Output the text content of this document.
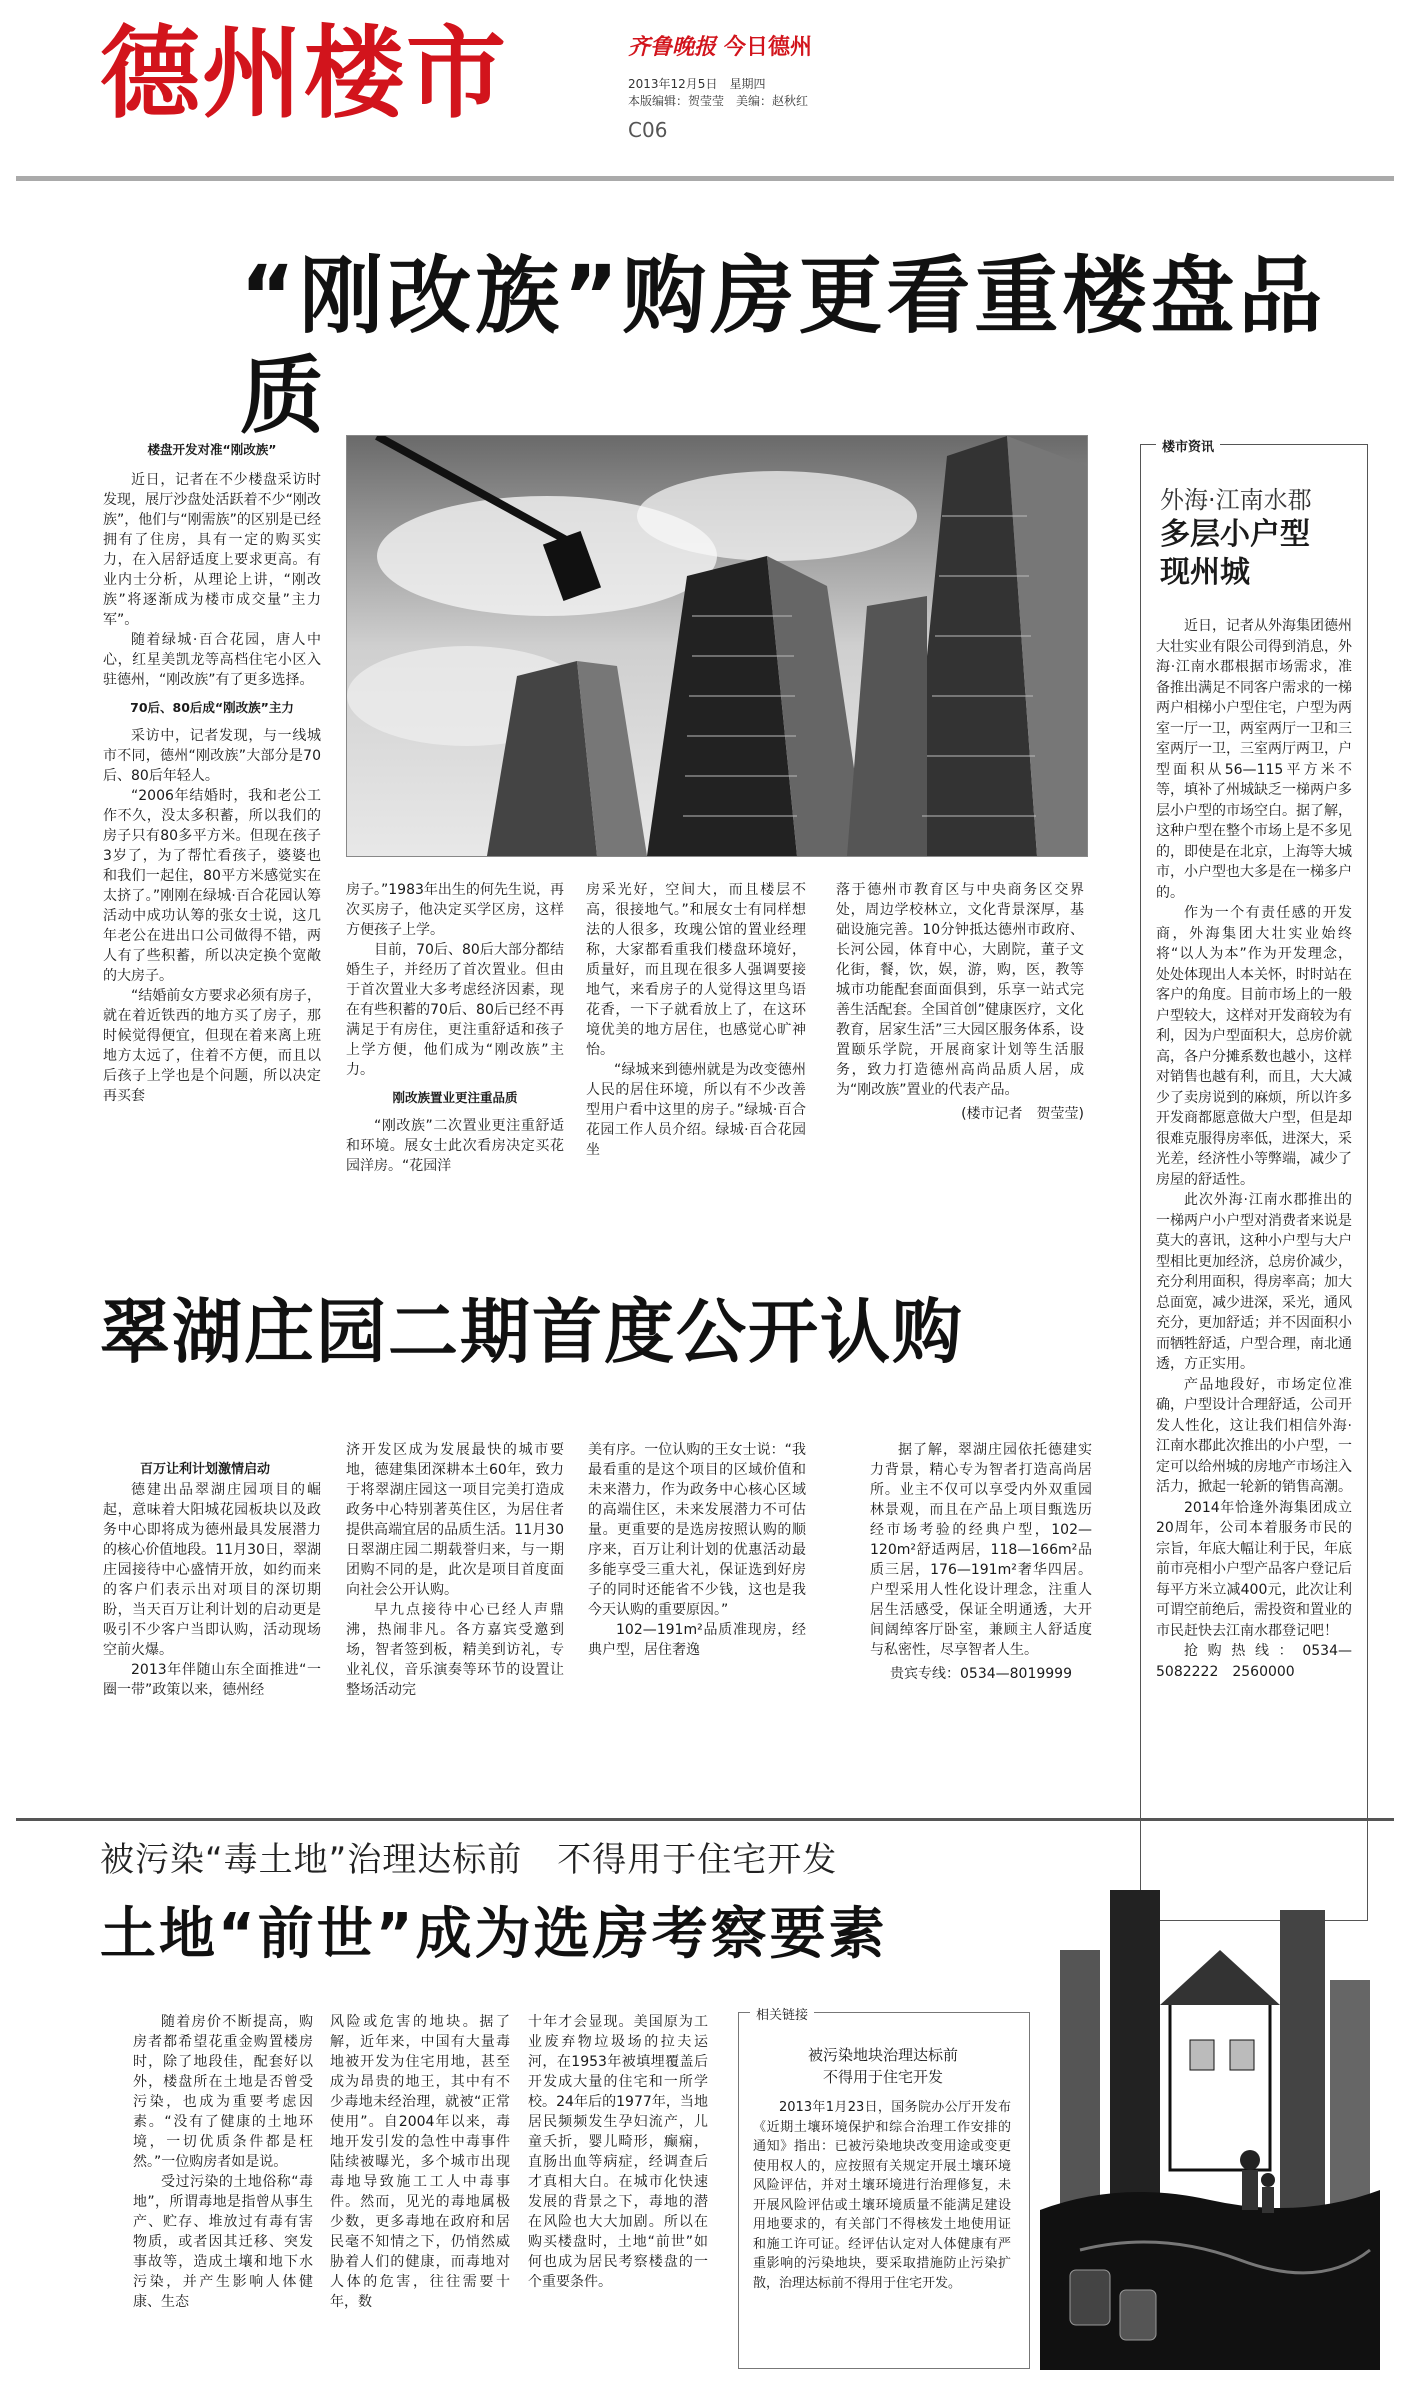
德州楼市	齐鲁晚报 今日德州
2013年12月5日　星期四
本版编辑：贺莹莹　美编：赵秋红
C06
“刚改族”购房更看重楼盘品质
楼盘开发对准“刚改族”

近日，记者在不少楼盘采访时发现，展厅沙盘处活跃着不少“刚改族”，他们与“刚需族”的区别是已经拥有了住房，具有一定的购买实力，在入居舒适度上要求更高。有业内士分析，从理论上讲，“刚改族”将逐渐成为楼市成交量”主力军”。

随着绿城·百合花园，唐人中心，红星美凯龙等高档住宅小区入驻德州，“刚改族”有了更多选择。

70后、80后成“刚改族”主力

采访中，记者发现，与一线城市不同，德州“刚改族”大部分是70后、80后年轻人。

“2006年结婚时，我和老公工作不久，没太多积蓄，所以我们的房子只有80多平方米。但现在孩子3岁了，为了帮忙看孩子，婆婆也和我们一起住，80平方米感觉实在太挤了。”刚刚在绿城·百合花园认筹活动中成功认筹的张女士说，这几年老公在进出口公司做得不错，两人有了些积蓄，所以决定换个宽敞的大房子。

“结婚前女方要求必须有房子，就在着近铁西的地方买了房子，那时候觉得便宜，但现在着来离上班地方太远了，住着不方便，而且以后孩子上学也是个问题，所以决定再买套

房子。”1983年出生的何先生说，再次买房子，他决定买学区房，这样方便孩子上学。

目前，70后、80后大部分都结婚生子，并经历了首次置业。但由于首次置业大多考虑经济因素，现在有些积蓄的70后、80后已经不再满足于有房住，更注重舒适和孩子上学方便，他们成为“刚改族”主力。

刚改族置业更注重品质

“刚改族”二次置业更注重舒适和环境。展女士此次看房决定买花园洋房。“花园洋

房采光好，空间大，而且楼层不高，很接地气。”和展女士有同样想法的人很多，玫瑰公馆的置业经理称，大家都看重我们楼盘环境好，质量好，而且现在很多人强调要接地气，来看房子的人觉得这里鸟语花香，一下子就看放上了，在这环境优美的地方居住，也感觉心旷神怡。

“绿城来到德州就是为改变德州人民的居住环境，所以有不少改善型用户看中这里的房子。”绿城·百合花园工作人员介绍。绿城·百合花园坐

落于德州市教育区与中央商务区交界处，周边学校林立，文化背景深厚，基础设施完善。10分钟抵达德州市政府、长河公园，体育中心，大剧院，董子文化街，餐，饮，娱，游，购，医，教等城市功能配套面面俱到，乐享一站式完善生活配套。全国首创”健康医疗，文化教育，居家生活”三大园区服务体系，设置颐乐学院，开展商家计划等生活服务，致力打造德州高尚品质人居，成为“刚改族”置业的代表产品。

(楼市记者　贺莹莹)
楼市资讯
外海·江南水郡
多层小户型
现州城

近日，记者从外海集团德州大壮实业有限公司得到消息，外海·江南水郡根据市场需求，准备推出满足不同客户需求的一梯两户相梯小户型住宅，户型为两室一厅一卫，两室两厅一卫和三室两厅一卫，三室两厅两卫，户型面积从56—115平方米不等，填补了州城缺乏一梯两户多层小户型的市场空白。据了解，这种户型在整个市场上是不多见的，即使是在北京，上海等大城市，小户型也大多是在一梯多户的。

作为一个有责任感的开发商，外海集团大壮实业始终将“以人为本”作为开发理念，处处体现出人本关怀，时时站在客户的角度。目前市场上的一般户型较大，这样对开发商较为有利，因为户型面积大，总房价就高，各户分摊系数也越小，这样对销售也越有利，而且，大大减少了卖房说到的麻烦，所以许多开发商都愿意做大户型，但是却很难克服得房率低，进深大，采光差，经济性小等弊端，减少了房屋的舒适性。

此次外海·江南水郡推出的一梯两户小户型对消费者来说是莫大的喜讯，这种小户型与大户型相比更加经济，总房价减少，充分利用面积，得房率高；加大总面宽，减少进深，采光，通风充分，更加舒适；并不因面积小而牺牲舒适，户型合理，南北通透，方正实用。

产品地段好，市场定位准确，户型设计合理舒适，公司开发人性化，这让我们相信外海·江南水郡此次推出的小户型，一定可以给州城的房地产市场注入活力，掀起一轮新的销售高潮。

2014年恰逢外海集团成立20周年，公司本着服务市民的宗旨，年底大幅让利于民，年底前市亮相小户型产品客户登记后每平方米立减400元，此次让利可谓空前绝后，需投资和置业的市民赶快去江南水郡登记吧！

抢购热线：0534—5082222　2560000

翠湖庄园二期首度公开认购
百万让利计划激情启动

德建出品翠湖庄园项目的崛起，意味着大阳城花园板块以及政务中心即将成为德州最具发展潜力的核心价值地段。11月30日，翠湖庄园接待中心盛情开放，如约而来的客户们表示出对项目的深切期盼，当天百万让利计划的启动更是吸引不少客户当即认购，活动现场空前火爆。

2013年伴随山东全面推进“一圈一带”政策以来，德州经

济开发区成为发展最快的城市要地，德建集团深耕本土60年，致力于将翠湖庄园这一项目完美打造成政务中心特别著英住区，为居住者提供高端宜居的品质生活。11月30日翠湖庄园二期载誉归来，与一期团购不同的是，此次是项目首度面向社会公开认购。

早九点接待中心已经人声鼎沸，热闹非凡。各方嘉宾受邀到场，智者签到板，精美到访礼，专业礼仪，音乐演奏等环节的设置让整场活动完

美有序。一位认购的王女士说：“我最看重的是这个项目的区域价值和未来潜力，作为政务中心核心区域的高端住区，未来发展潜力不可估量。更重要的是选房按照认购的顺序来，百万让利计划的优惠活动最多能享受三重大礼，保证选到好房子的同时还能省不少钱，这也是我今天认购的重要原因。”

102—191m²品质准现房，经典户型，居住奢逸

据了解，翠湖庄园依托德建实力背景，精心专为智者打造高尚居所。业主不仅可以享受内外双重园林景观，而且在产品上项目甄选历经市场考验的经典户型，102—120m²舒适两居，118—166m²品质三居，176—191m²奢华四居。户型采用人性化设计理念，注重人居生活感受，保证全明通透，大开间阔绰客厅卧室，兼顾主人舒适度与私密性，尽享智者人生。

贵宾专线：0534—8019999
被污染“毒土地”治理达标前　不得用于住宅开发
土地“前世”成为选房考察要素

随着房价不断提高，购房者都希望花重金购置楼房时，除了地段佳，配套好以外，楼盘所在土地是否曾受污染，也成为重要考虑因素。“没有了健康的土地环境，一切优质条件都是枉然。”一位购房者如是说。

受过污染的土地俗称“毒地”，所谓毒地是指曾从事生产、贮存、堆放过有毒有害物质，或者因其迁移、突发事故等，造成土壤和地下水污染，并产生影响人体健康、生态

风险或危害的地块。据了解，近年来，中国有大量毒地被开发为住宅用地，甚至成为昂贵的地王，其中有不少毒地未经治理，就被“正常使用”。自2004年以来，毒地开发引发的急性中毒事件陆续被曝光，多个城市出现毒地导致施工工人中毒事件。然而，见光的毒地属极少数，更多毒地在政府和居民毫不知情之下，仍悄然威胁着人们的健康，而毒地对人体的危害，往往需要十年，数

十年才会显现。美国原为工业废弃物垃圾场的拉夫运河，在1953年被填埋覆盖后开发成大量的住宅和一所学校。24年后的1977年，当地居民频频发生孕妇流产，儿童夭折，婴儿畸形，癫痫，直肠出血等病症，经调查后才真相大白。在城市化快速发展的背景之下，毒地的潜在风险也大大加剧。所以在购买楼盘时，土地“前世”如何也成为居民考察楼盘的一个重要条件。

相关链接
被污染地块治理达标前
不得用于住宅开发

2013年1月23日，国务院办公厅开发布《近期土壤环境保护和综合治理工作安排的通知》指出：已被污染地块改变用途或变更使用权人的，应按照有关规定开展土壤环境风险评估，并对土壤环境进行治理修复，未开展风险评估或土壤环境质量不能满足建设用地要求的，有关部门不得核发土地使用证和施工许可证。经评估认定对人体健康有严重影响的污染地块，要采取措施防止污染扩散，治理达标前不得用于住宅开发。
